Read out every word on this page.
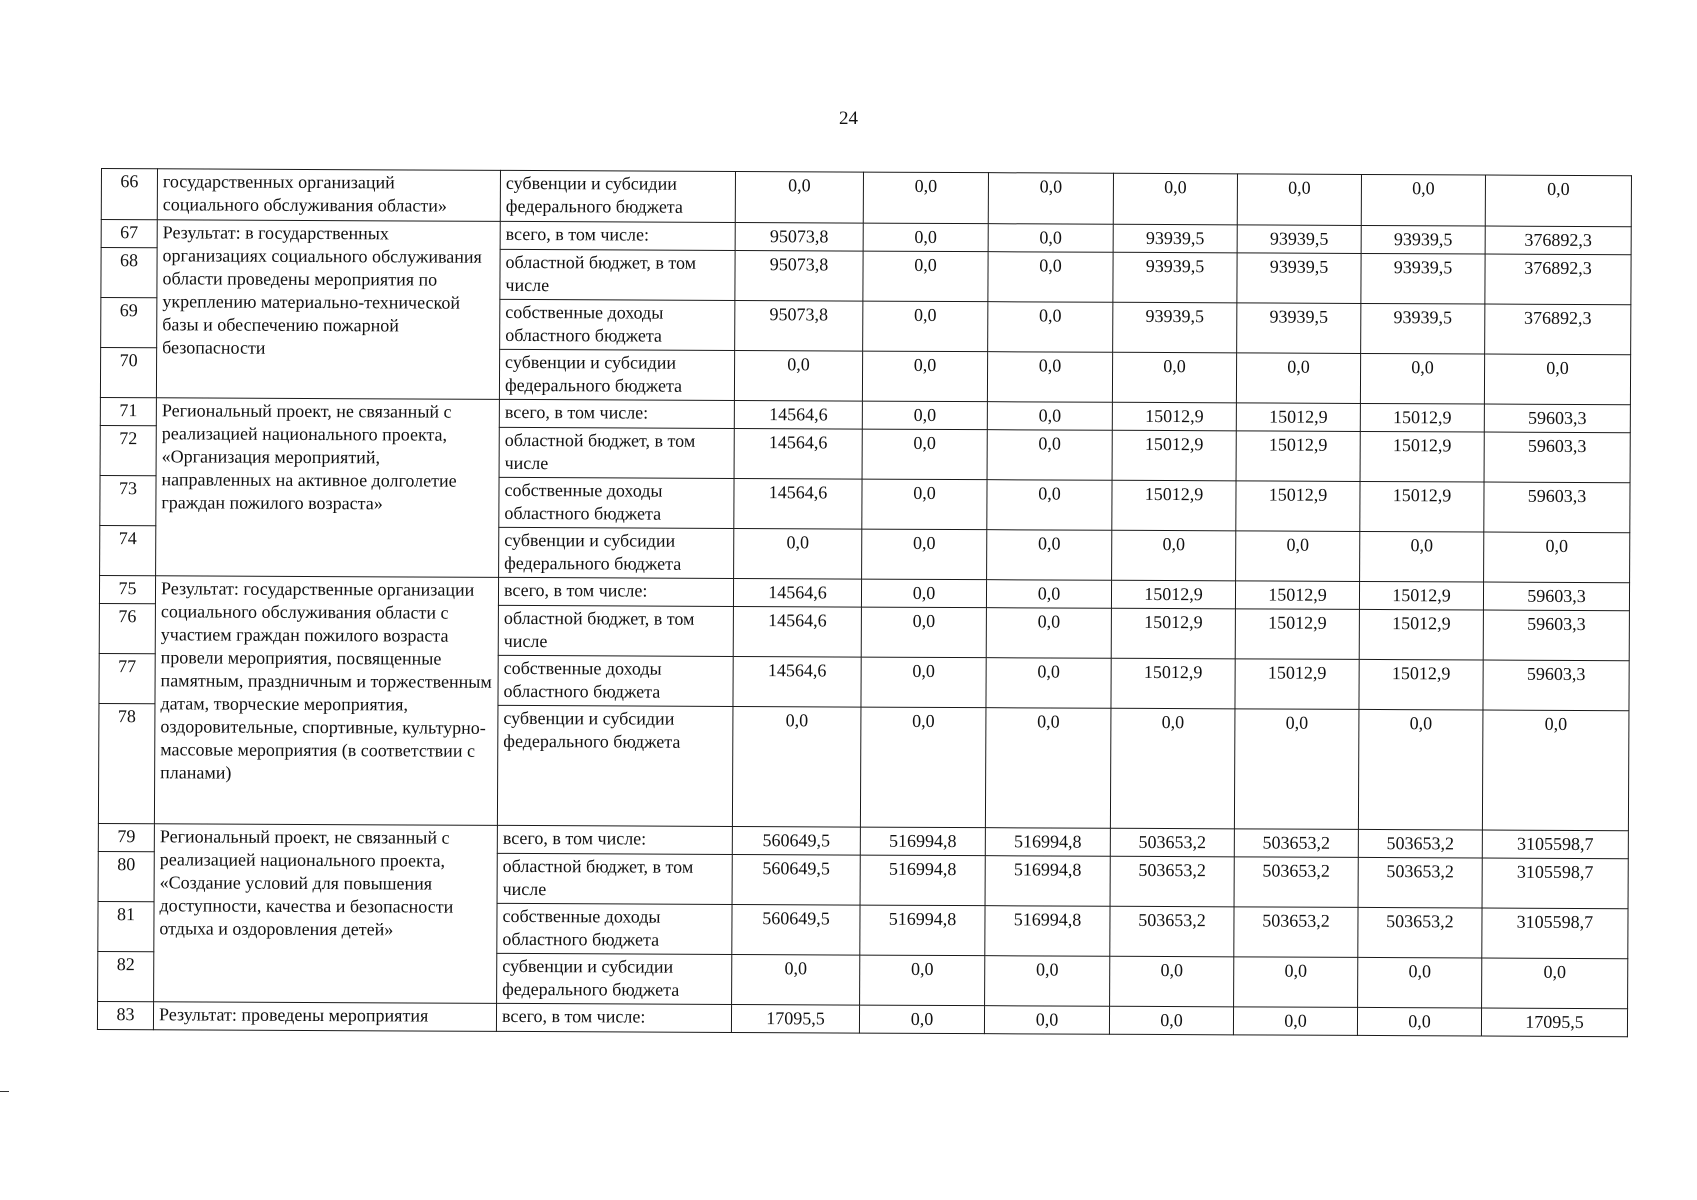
24
66	государственных организаций социального обслуживания области»	субвенции и субсидии федерального бюджета	0,0	0,0	0,0	0,0	0,0	0,0	0,0
67	Результат: в государственных организациях социального обслуживания области проведены мероприятия по укреплению материально-технической базы и обеспечению пожарной безопасности	всего, в том числе:	95073,8	0,0	0,0	93939,5	93939,5	93939,5	376892,3
68		областной бюджет, в том числе	95073,8	0,0	0,0	93939,5	93939,5	93939,5	376892,3
69		собственные доходы областного бюджета	95073,8	0,0	0,0	93939,5	93939,5	93939,5	376892,3
70		субвенции и субсидии федерального бюджета	0,0	0,0	0,0	0,0	0,0	0,0	0,0
71	Региональный проект, не связанный с реализацией национального проекта, «Организация мероприятий, направленных на активное долголетие граждан пожилого возраста»	всего, в том числе:	14564,6	0,0	0,0	15012,9	15012,9	15012,9	59603,3
72		областной бюджет, в том числе	14564,6	0,0	0,0	15012,9	15012,9	15012,9	59603,3
73		собственные доходы областного бюджета	14564,6	0,0	0,0	15012,9	15012,9	15012,9	59603,3
74		субвенции и субсидии федерального бюджета	0,0	0,0	0,0	0,0	0,0	0,0	0,0
75	Результат: государственные организации социального обслуживания области с участием граждан пожилого возраста провели мероприятия, посвященные памятным, праздничным и торжественным датам, творческие мероприятия, оздоровительные, спортивные, культурно-массовые мероприятия (в соответствии с планами)	всего, в том числе:	14564,6	0,0	0,0	15012,9	15012,9	15012,9	59603,3
76		областной бюджет, в том числе	14564,6	0,0	0,0	15012,9	15012,9	15012,9	59603,3
77		собственные доходы областного бюджета	14564,6	0,0	0,0	15012,9	15012,9	15012,9	59603,3
78		субвенции и субсидии федерального бюджета	0,0	0,0	0,0	0,0	0,0	0,0	0,0
79	Региональный проект, не связанный с реализацией национального проекта, «Создание условий для повышения доступности, качества и безопасности отдыха и оздоровления детей»	всего, в том числе:	560649,5	516994,8	516994,8	503653,2	503653,2	503653,2	3105598,7
80		областной бюджет, в том числе	560649,5	516994,8	516994,8	503653,2	503653,2	503653,2	3105598,7
81		собственные доходы областного бюджета	560649,5	516994,8	516994,8	503653,2	503653,2	503653,2	3105598,7
82		субвенции и субсидии федерального бюджета	0,0	0,0	0,0	0,0	0,0	0,0	0,0
83	Результат: проведены мероприятия	всего, в том числе:	17095,5	0,0	0,0	0,0	0,0	0,0	17095,5
